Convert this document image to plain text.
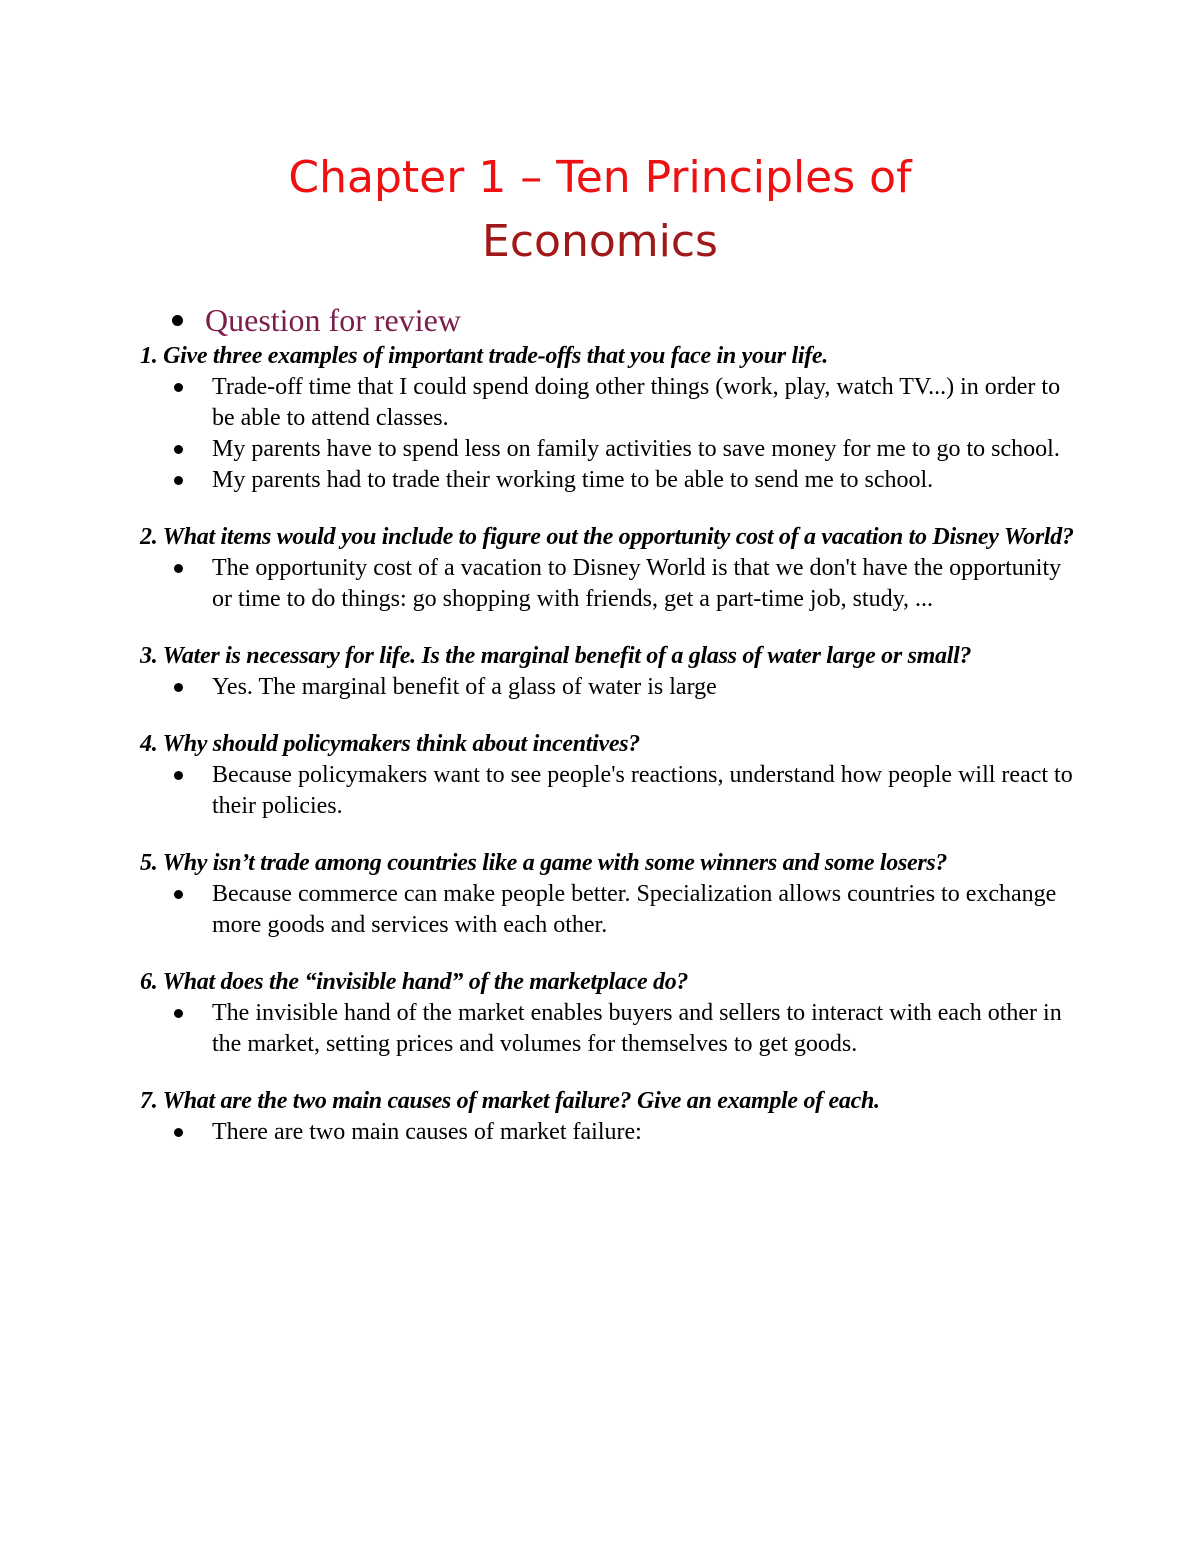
Chapter 1 – Ten Principles of
Economics
Question for review

1. Give three examples of important trade-offs that you face in your life.

Trade-off time that I could spend doing other things (work, play, watch TV...) in order to be able to attend classes.
My parents have to spend less on family activities to save money for me to go to school.
My parents had to trade their working time to be able to send me to school.

2. What items would you include to figure out the opportunity cost of a vacation to Disney World?

The opportunity cost of a vacation to Disney World is that we don't have the opportunity or time to do things: go shopping with friends, get a part-time job, study, ...

3. Water is necessary for life. Is the marginal benefit of a glass of water large or small?

Yes. The marginal benefit of a glass of water is large

4. Why should policymakers think about incentives?

Because policymakers want to see people's reactions, understand how people will react to their policies.

5. Why isn’t trade among countries like a game with some winners and some losers?

Because commerce can make people better. Specialization allows countries to exchange more goods and services with each other.

6. What does the “invisible hand” of the marketplace do?

The invisible hand of the market enables buyers and sellers to interact with each other in the market, setting prices and volumes for themselves to get goods.

7. What are the two main causes of market failure? Give an example of each.

There are two main causes of market failure:
